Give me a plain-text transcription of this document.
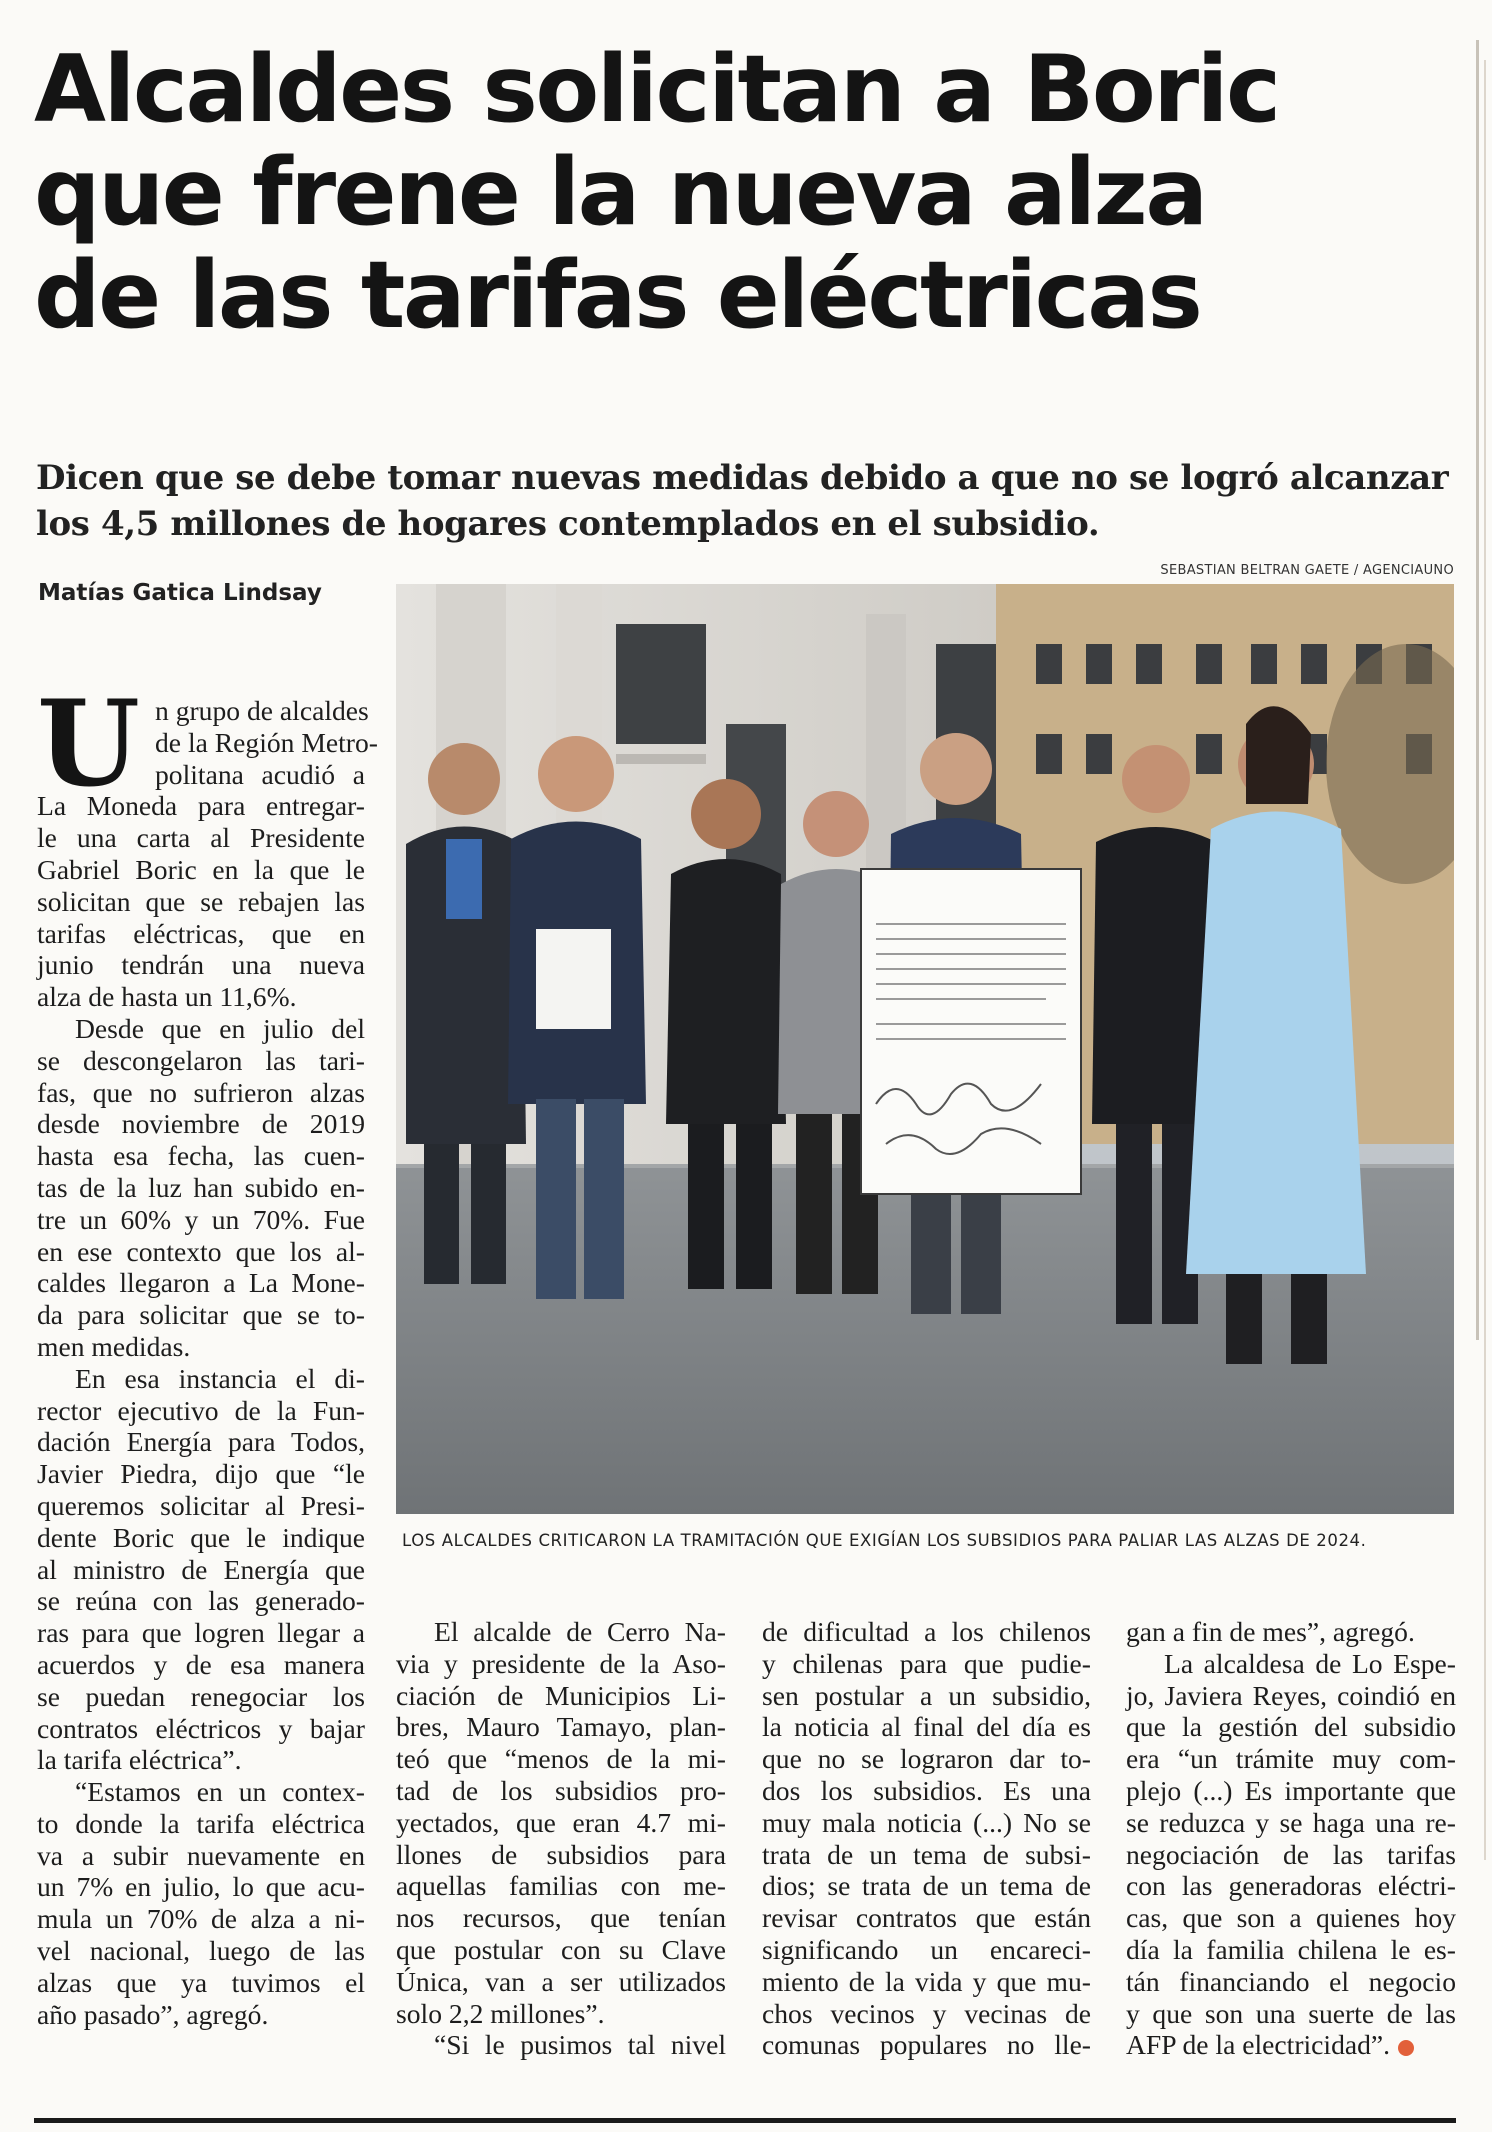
Alcaldes solicitan a Boric
que frene la nueva alza
de las tarifas eléctricas
Dicen que se debe tomar nuevas medidas debido a que no se logró alcanzar
los 4,5 millones de hogares contemplados en el subsidio.
Matías Gatica Lindsay
SEBASTIAN BELTRAN GAETE / AGENCIAUNO
LOS ALCALDES CRITICARON LA TRAMITACIÓN QUE EXIGÍAN LOS SUBSIDIOS PARA PALIAR LAS ALZAS DE 2024.
U n grupo de alcaldes
de la Región Metro-
politana acudió a
La Moneda para entregar-
le una carta al Presidente
Gabriel Boric en la que le
solicitan que se rebajen las
tarifas eléctricas, que en
junio tendrán una nueva
alza de hasta un 11,6%.
Desde que en julio del
se descongelaron las tari-
fas, que no sufrieron alzas
desde noviembre de 2019
hasta esa fecha, las cuen-
tas de la luz han subido en-
tre un 60% y un 70%. Fue
en ese contexto que los al-
caldes llegaron a La Mone-
da para solicitar que se to-
men medidas.
En esa instancia el di-
rector ejecutivo de la Fun-
dación Energía para Todos,
Javier Piedra, dijo que “le
queremos solicitar al Presi-
dente Boric que le indique
al ministro de Energía que
se reúna con las generado-
ras para que logren llegar a
acuerdos y de esa manera
se puedan renegociar los
contratos eléctricos y bajar
la tarifa eléctrica”.
“Estamos en un contex-
to donde la tarifa eléctrica
va a subir nuevamente en
un 7% en julio, lo que acu-
mula un 70% de alza a ni-
vel nacional, luego de las
alzas que ya tuvimos el
año pasado”, agregó.
El alcalde de Cerro Na-
via y presidente de la Aso-
ciación de Municipios Li-
bres, Mauro Tamayo, plan-
teó que “menos de la mi-
tad de los subsidios pro-
yectados, que eran 4.7 mi-
llones de subsidios para
aquellas familias con me-
nos recursos, que tenían
que postular con su Clave
Única, van a ser utilizados
solo 2,2 millones”.
“Si le pusimos tal nivel
de dificultad a los chilenos
y chilenas para que pudie-
sen postular a un subsidio,
la noticia al final del día es
que no se lograron dar to-
dos los subsidios. Es una
muy mala noticia (...) No se
trata de un tema de subsi-
dios; se trata de un tema de
revisar contratos que están
significando un encareci-
miento de la vida y que mu-
chos vecinos y vecinas de
comunas populares no lle-
gan a fin de mes”, agregó.
La alcaldesa de Lo Espe-
jo, Javiera Reyes, coindió en
que la gestión del subsidio
era “un trámite muy com-
plejo (...) Es importante que
se reduzca y se haga una re-
negociación de las tarifas
con las generadoras eléctri-
cas, que son a quienes hoy
día la familia chilena le es-
tán financiando el negocio
y que son una suerte de las
AFP de la electricidad”.
